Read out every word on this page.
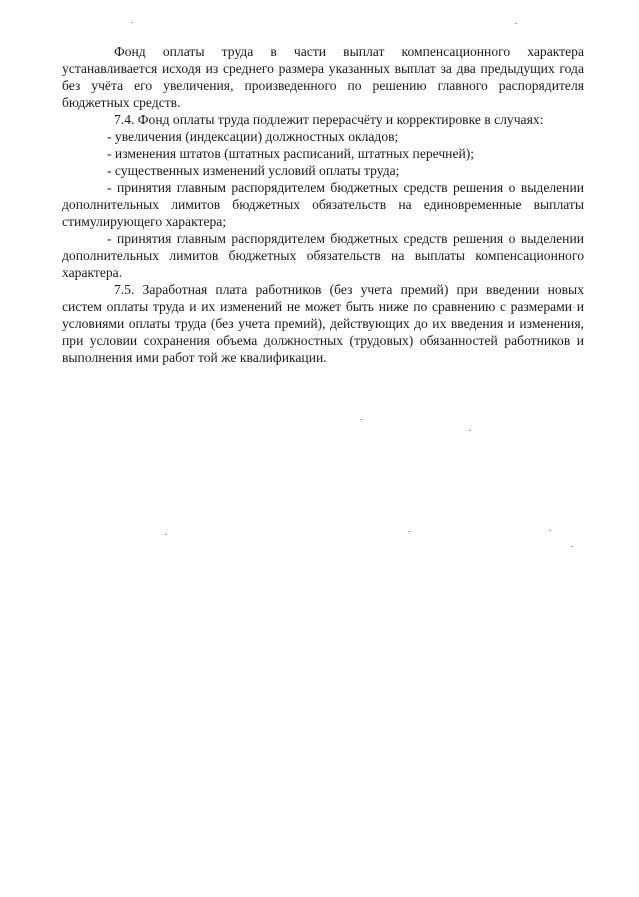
Фонд оплаты труда в части выплат компенсационного характера устанавливается исходя из среднего размера указанных выплат за два предыдущих года без учёта его увеличения, произведенного по решению главного распорядителя бюджетных средств.

7.4. Фонд оплаты труда подлежит перерасчёту и корректировке в случаях:

- увеличения (индексации) должностных окладов;

- изменения штатов (штатных расписаний, штатных перечней);

- существенных изменений условий оплаты труда;

- принятия главным распорядителем бюджетных средств решения о выделении дополнительных лимитов бюджетных обязательств на единовременные выплаты стимулирующего характера;

- принятия главным распорядителем бюджетных средств решения о выделении дополнительных лимитов бюджетных обязательств на выплаты компенсационного характера.

7.5. Заработная плата работников (без учета премий) при введении новых систем оплаты труда и их изменений не может быть ниже по сравнению с размерами и условиями оплаты труда (без учета премий), действующих до их введения и изменения, при условии сохранения объема должностных (трудовых) обязанностей работников и выполнения ими работ той же квалификации.
